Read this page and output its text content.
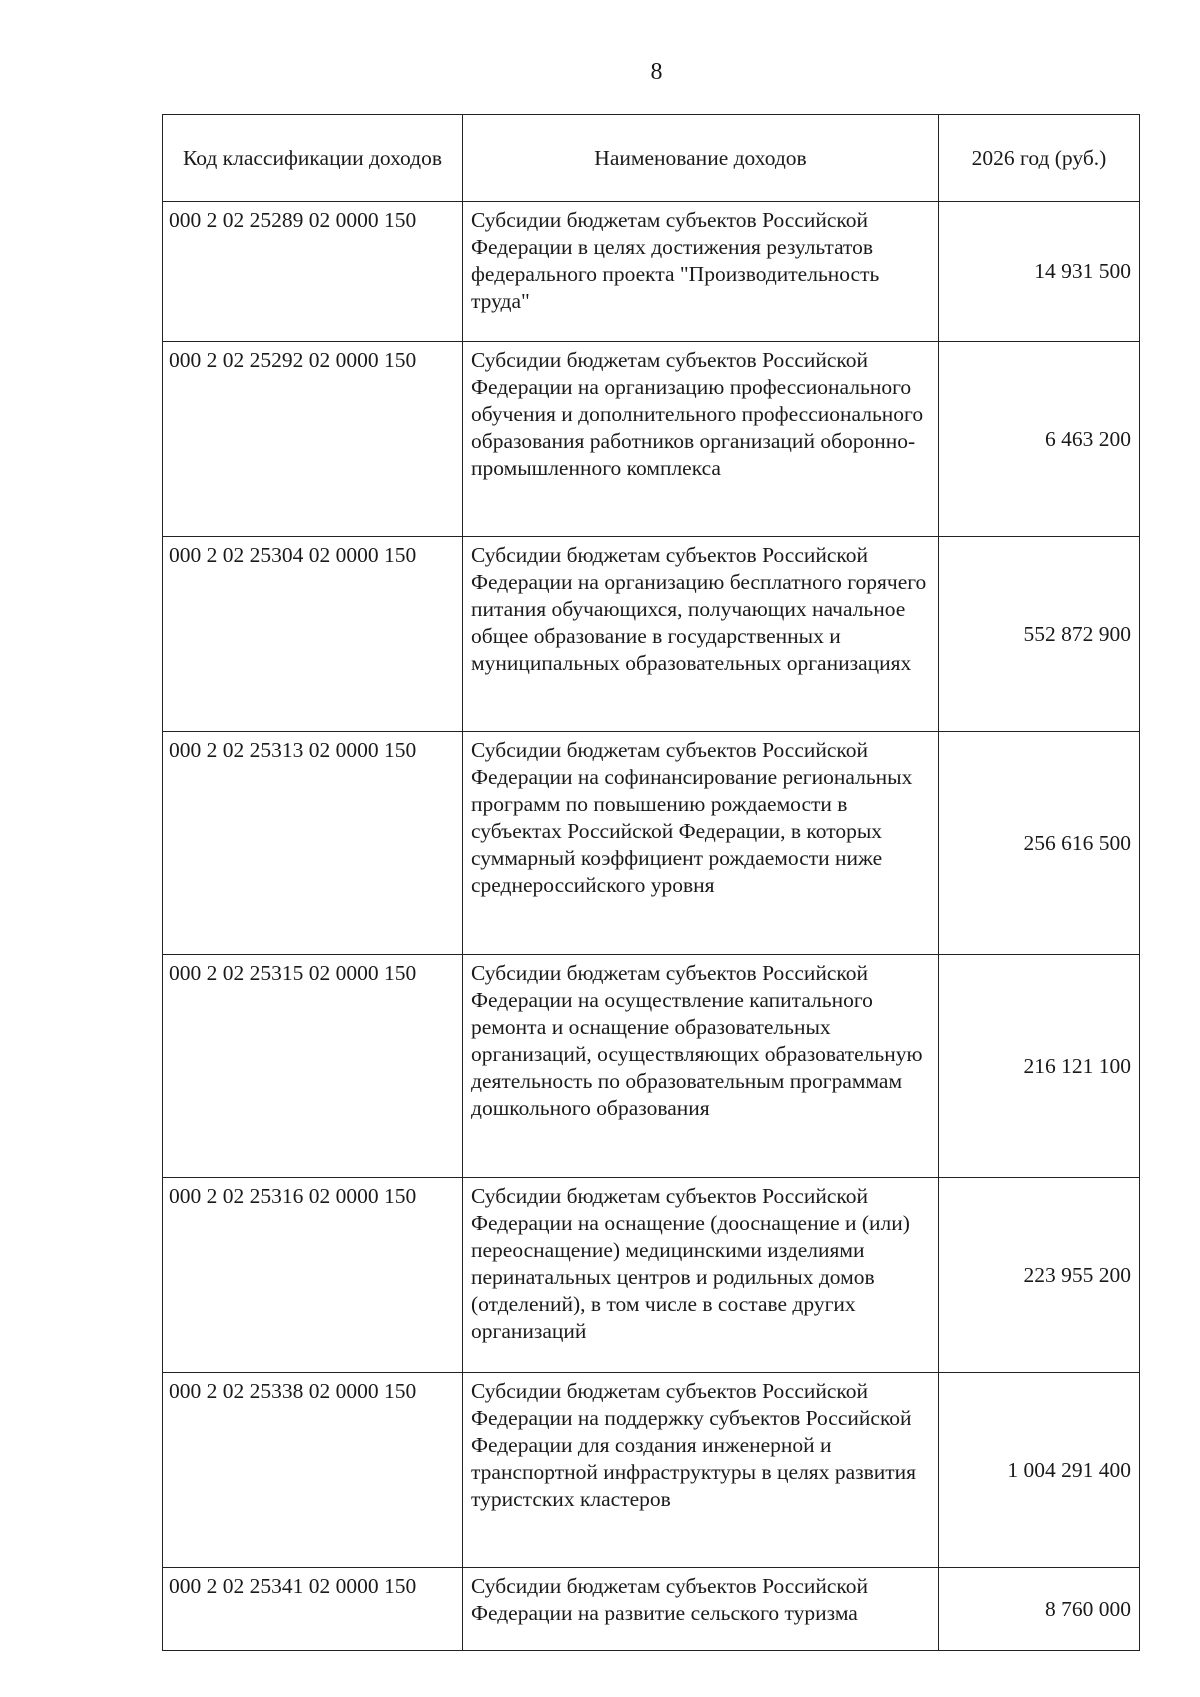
8
Код классификации доходов	Наименование доходов	2026 год (руб.)
000 2 02 25289 02 0000 150	Субсидии бюджетам субъектов Российской Федерации в целях достижения результатов федерального проекта "Производительность труда"	14 931 500
000 2 02 25292 02 0000 150	Субсидии бюджетам субъектов Российской Федерации на организацию профессионального обучения и дополнительного профессионального образования работников организаций оборонно-промышленного комплекса	6 463 200
000 2 02 25304 02 0000 150	Субсидии бюджетам субъектов Российской Федерации на организацию бесплатного горячего питания обучающихся, получающих начальное общее образование в государственных и муниципальных образовательных организациях	552 872 900
000 2 02 25313 02 0000 150	Субсидии бюджетам субъектов Российской Федерации на софинансирование региональных программ по повышению рождаемости в субъектах Российской Федерации, в которых суммарный коэффициент рождаемости ниже среднероссийского уровня	256 616 500
000 2 02 25315 02 0000 150	Субсидии бюджетам субъектов Российской Федерации на осуществление капитального ремонта и оснащение образовательных организаций, осуществляющих образовательную деятельность по образовательным программам дошкольного образования	216 121 100
000 2 02 25316 02 0000 150	Субсидии бюджетам субъектов Российской Федерации на оснащение (дооснащение и (или) переоснащение) медицинскими изделиями перинатальных центров и родильных домов (отделений), в том числе в составе других организаций	223 955 200
000 2 02 25338 02 0000 150	Субсидии бюджетам субъектов Российской Федерации на поддержку субъектов Российской Федерации для создания инженерной и транспортной инфраструктуры в целях развития туристских кластеров	1 004 291 400
000 2 02 25341 02 0000 150	Субсидии бюджетам субъектов Российской Федерации на развитие сельского туризма	8 760 000
